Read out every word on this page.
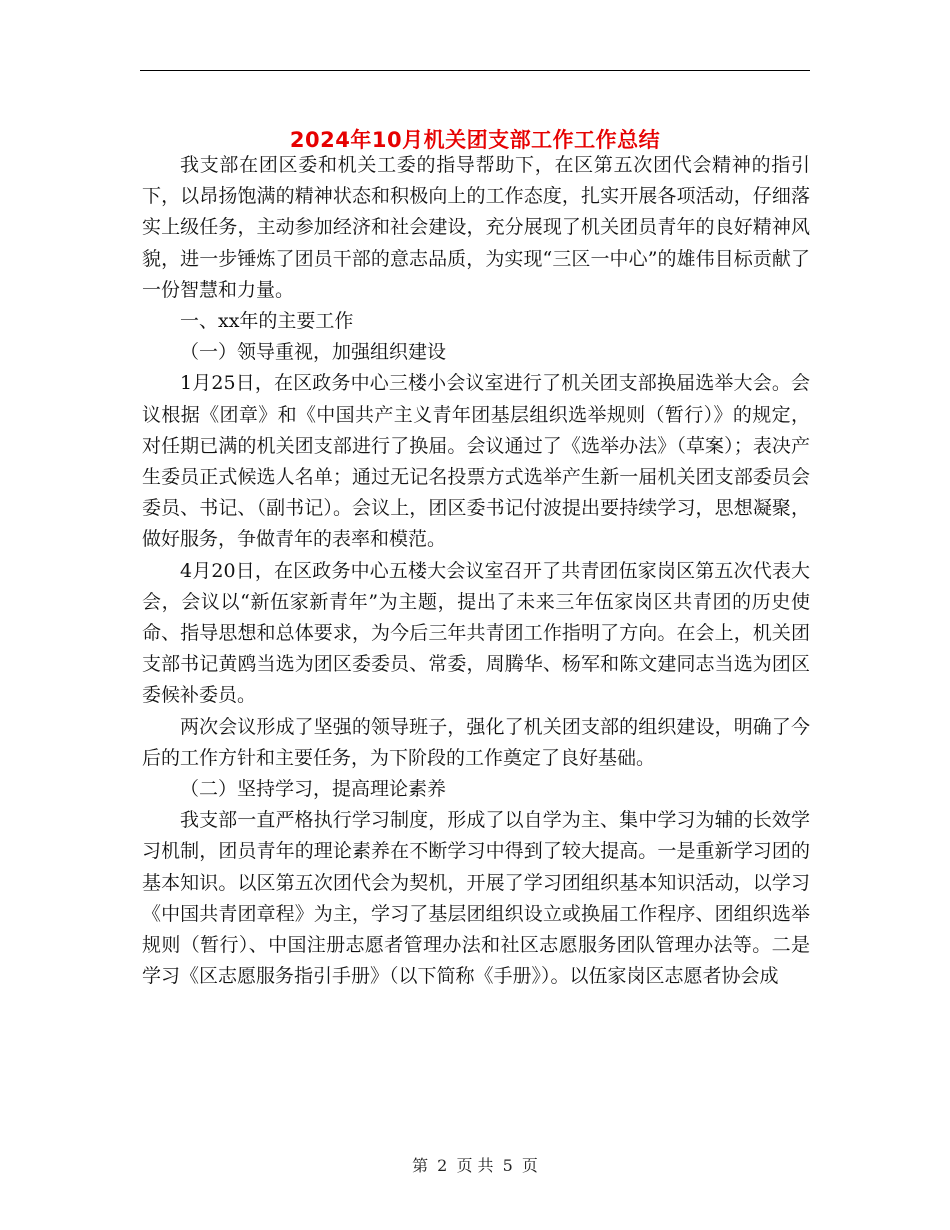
2024年10月机关团支部工作工作总结

我支部在团区委和机关工委的指导帮助下，在区第五次团代会精神的指引下，以昂扬饱满的精神状态和积极向上的工作态度，扎实开展各项活动，仔细落实上级任务，主动参加经济和社会建设，充分展现了机关团员青年的良好精神风貌，进一步锤炼了团员干部的意志品质，为实现“三区一中心”的雄伟目标贡献了一份智慧和力量。

一、xx年的主要工作

（一）领导重视，加强组织建设

1月25日，在区政务中心三楼小会议室进行了机关团支部换届选举大会。会议根据《团章》和《中国共产主义青年团基层组织选举规则（暂行）》的规定，对任期已满的机关团支部进行了换届。会议通过了《选举办法》（草案）；表决产生委员正式候选人名单；通过无记名投票方式选举产生新一届机关团支部委员会委员、书记、（副书记）。会议上，团区委书记付波提出要持续学习，思想凝聚，做好服务，争做青年的表率和模范。

4月20日，在区政务中心五楼大会议室召开了共青团伍家岗区第五次代表大会，会议以“新伍家新青年”为主题，提出了未来三年伍家岗区共青团的历史使命、指导思想和总体要求，为今后三年共青团工作指明了方向。在会上，机关团支部书记黄鸥当选为团区委委员、常委，周腾华、杨军和陈文建同志当选为团区委候补委员。

两次会议形成了坚强的领导班子，强化了机关团支部的组织建设，明确了今后的工作方针和主要任务，为下阶段的工作奠定了良好基础。

（二）坚持学习，提高理论素养

我支部一直严格执行学习制度，形成了以自学为主、集中学习为辅的长效学习机制，团员青年的理论素养在不断学习中得到了较大提高。一是重新学习团的基本知识。以区第五次团代会为契机，开展了学习团组织基本知识活动，以学习《中国共青团章程》为主，学习了基层团组织设立或换届工作程序、团组织选举规则（暂行）、中国注册志愿者管理办法和社区志愿服务团队管理办法等。二是学习《区志愿服务指引手册》（以下简称《手册》）。以伍家岗区志愿者协会成

第 2 页 共 5 页
